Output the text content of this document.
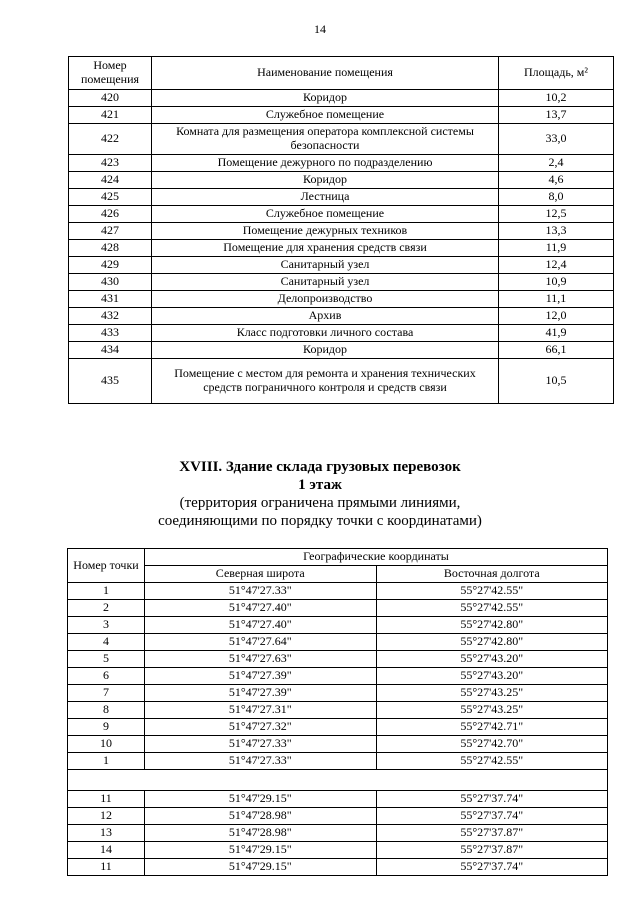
14
Номер помещения	Наименование помещения	Площадь, м²
420	Коридор	10,2
421	Служебное помещение	13,7
422	Комната для размещения оператора комплексной системы безопасности	33,0
423	Помещение дежурного по подразделению	2,4
424	Коридор	4,6
425	Лестница	8,0
426	Служебное помещение	12,5
427	Помещение дежурных техников	13,3
428	Помещение для хранения средств связи	11,9
429	Санитарный узел	12,4
430	Санитарный узел	10,9
431	Делопроизводство	11,1
432	Архив	12,0
433	Класс подготовки личного состава	41,9
434	Коридор	66,1
435	Помещение с местом для ремонта и хранения технических средств пограничного контроля и средств связи	10,5
XVIII. Здание склада грузовых перевозок
1 этаж
(территория ограничена прямыми линиями,
соединяющими по порядку точки с координатами)
Номер точки	Географические координаты	
	Северная широта	Восточная долгота
1	51°47'27.33"	55°27'42.55"
2	51°47'27.40"	55°27'42.55"
3	51°47'27.40"	55°27'42.80"
4	51°47'27.64"	55°27'42.80"
5	51°47'27.63"	55°27'43.20"
6	51°47'27.39"	55°27'43.20"
7	51°47'27.39"	55°27'43.25"
8	51°47'27.31"	55°27'43.25"
9	51°47'27.32"	55°27'42.71"
10	51°47'27.33"	55°27'42.70"
1	51°47'27.33"	55°27'42.55"

11	51°47'29.15"	55°27'37.74"
12	51°47'28.98"	55°27'37.74"
13	51°47'28.98"	55°27'37.87"
14	51°47'29.15"	55°27'37.87"
11	51°47'29.15"	55°27'37.74"
